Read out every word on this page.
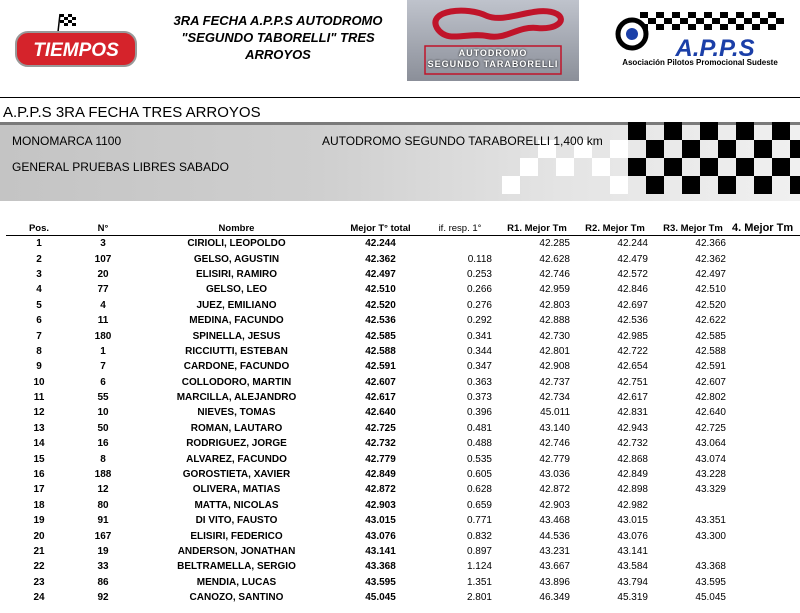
TIEMPOS
3RA FECHA A.P.P.S AUTODROMO
"SEGUNDO TABORELLI" TRES
ARROYOS	AUTODROMO
SEGUNDO TARABORELLI
A.P.P.S
Asociación Pilotos Promocional Sudeste
A.P.P.S 3RA FECHA TRES ARROYOS
MONOMARCA 1100
GENERAL PRUEBAS LIBRES SABADO
AUTODROMO SEGUNDO TARABORELLI 1,400 km
Pos.	N°	Nombre	Mejor T° total	if. resp. 1°	R1. Mejor Tm	R2. Mejor Tm	R3. Mejor Tm	4. Mejor Tm
1	3	CIRIOLI, LEOPOLDO	42.244		42.285	42.244	42.366	
2	107	GELSO, AGUSTIN	42.362	0.118	42.628	42.479	42.362	
3	20	ELISIRI, RAMIRO	42.497	0.253	42.746	42.572	42.497	
4	77	GELSO, LEO	42.510	0.266	42.959	42.846	42.510	
5	4	JUEZ, EMILIANO	42.520	0.276	42.803	42.697	42.520	
6	11	MEDINA, FACUNDO	42.536	0.292	42.888	42.536	42.622	
7	180	SPINELLA, JESUS	42.585	0.341	42.730	42.985	42.585	
8	1	RICCIUTTI, ESTEBAN	42.588	0.344	42.801	42.722	42.588	
9	7	CARDONE, FACUNDO	42.591	0.347	42.908	42.654	42.591	
10	6	COLLODORO, MARTIN	42.607	0.363	42.737	42.751	42.607	
11	55	MARCILLA, ALEJANDRO	42.617	0.373	42.734	42.617	42.802	
12	10	NIEVES, TOMAS	42.640	0.396	45.011	42.831	42.640	
13	50	ROMAN, LAUTARO	42.725	0.481	43.140	42.943	42.725	
14	16	RODRIGUEZ, JORGE	42.732	0.488	42.746	42.732	43.064	
15	8	ALVAREZ, FACUNDO	42.779	0.535	42.779	42.868	43.074	
16	188	GOROSTIETA, XAVIER	42.849	0.605	43.036	42.849	43.228	
17	12	OLIVERA, MATIAS	42.872	0.628	42.872	42.898	43.329	
18	80	MATTA, NICOLAS	42.903	0.659	42.903	42.982		
19	91	DI VITO, FAUSTO	43.015	0.771	43.468	43.015	43.351	
20	167	ELISIRI, FEDERICO	43.076	0.832	44.536	43.076	43.300	
21	19	ANDERSON, JONATHAN	43.141	0.897	43.231	43.141		
22	33	BELTRAMELLA, SERGIO	43.368	1.124	43.667	43.584	43.368	
23	86	MENDIA, LUCAS	43.595	1.351	43.896	43.794	43.595	
24	92	CANOZO, SANTINO	45.045	2.801	46.349	45.319	45.045	
